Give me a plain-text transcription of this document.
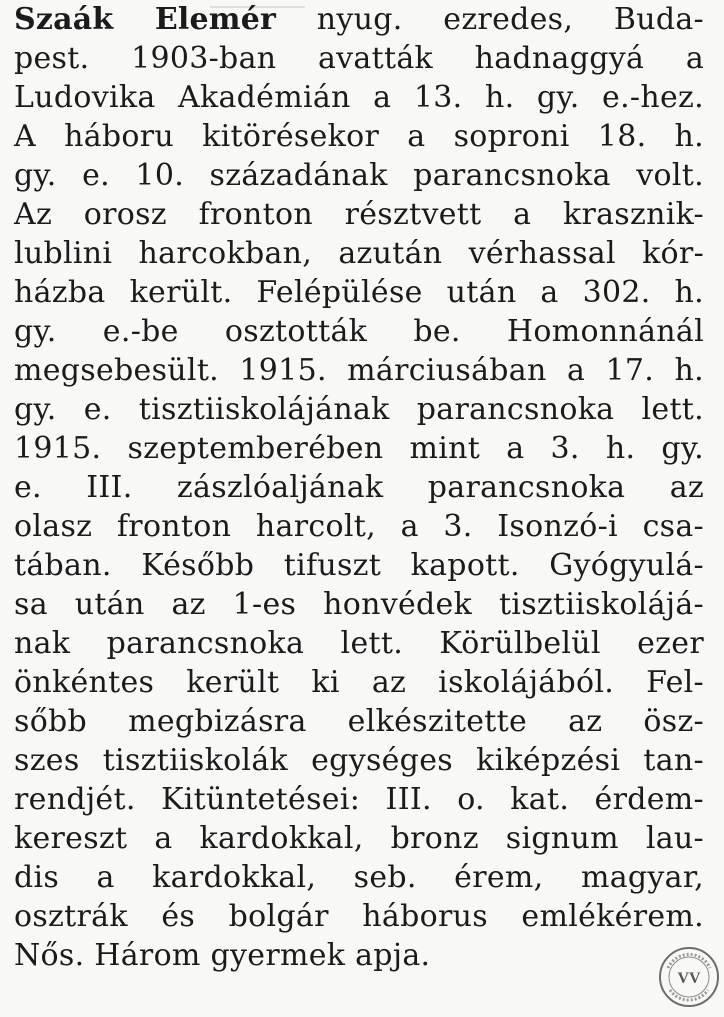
Szaák Elemér nyug. ezredes, Buda-
pest. 1903-ban avatták hadnaggyá a
Ludovika Akadémián a 13. h. gy. e.-hez.
A háboru kitörésekor a soproni 18. h.
gy. e. 10. századának parancsnoka volt.
Az orosz fronton résztvett a krasznik-
lublini harcokban, azután vérhassal kór-
házba került. Felépülése után a 302. h.
gy. e.-be osztották be. Homonnánál
megsebesült. 1915. márciusában a 17. h.
gy. e. tisztiiskolájának parancsnoka lett.
1915. szeptemberében mint a 3. h. gy.
e. III. zászlóaljának parancsnoka az
olasz fronton harcolt, a 3. Isonzó-i csa-
tában. Később tifuszt kapott. Gyógyulá-
sa után az 1-es honvédek tisztiiskolájá-
nak parancsnoka lett. Körülbelül ezer
önkéntes került ki az iskolájából. Fel-
sőbb megbizásra elkészitette az ösz-
szes tisztiiskolák egységes kiképzési tan-
rendjét. Kitüntetései: III. o. kat. érdem-
kereszt a kardokkal, bronz signum lau-
dis a kardokkal, seb. érem, magyar,
osztrák és bolgár háborus emlékérem.
Nős. Három gyermek apja.
VV
